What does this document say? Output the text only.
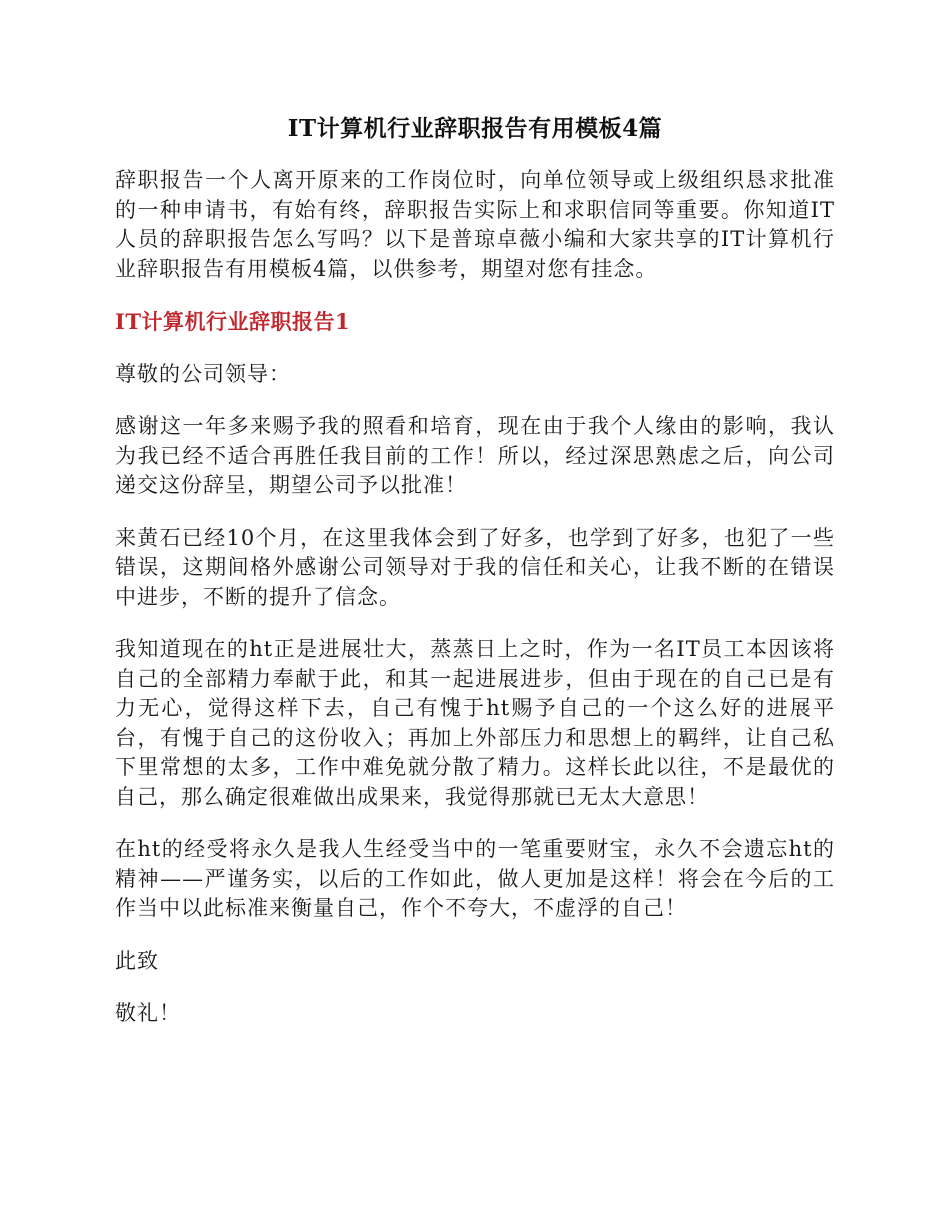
IT计算机行业辞职报告有用模板4篇

辞职报告一个人离开原来的工作岗位时，向单位领导或上级组织恳求批准的一种申请书，有始有终，辞职报告实际上和求职信同等重要。你知道IT人员的辞职报告怎么写吗？以下是普琼卓薇小编和大家共享的IT计算机行业辞职报告有用模板4篇，以供参考，期望对您有挂念。

IT计算机行业辞职报告1

尊敬的公司领导：

感谢这一年多来赐予我的照看和培育，现在由于我个人缘由的影响，我认为我已经不适合再胜任我目前的工作！所以，经过深思熟虑之后，向公司递交这份辞呈，期望公司予以批准！

来黄石已经10个月，在这里我体会到了好多，也学到了好多，也犯了一些错误，这期间格外感谢公司领导对于我的信任和关心，让我不断的在错误中进步，不断的提升了信念。

我知道现在的ht正是进展壮大，蒸蒸日上之时，作为一名IT员工本因该将自己的全部精力奉献于此，和其一起进展进步，但由于现在的自己已是有力无心，觉得这样下去，自己有愧于ht赐予自己的一个这么好的进展平台，有愧于自己的这份收入；再加上外部压力和思想上的羁绊，让自己私下里常想的太多，工作中难免就分散了精力。这样长此以往，不是最优的自己，那么确定很难做出成果来，我觉得那就已无太大意思！

在ht的经受将永久是我人生经受当中的一笔重要财宝，永久不会遗忘ht的精神——严谨务实，以后的工作如此，做人更加是这样！将会在今后的工作当中以此标准来衡量自己，作个不夸大，不虚浮的自己！

此致

敬礼！
